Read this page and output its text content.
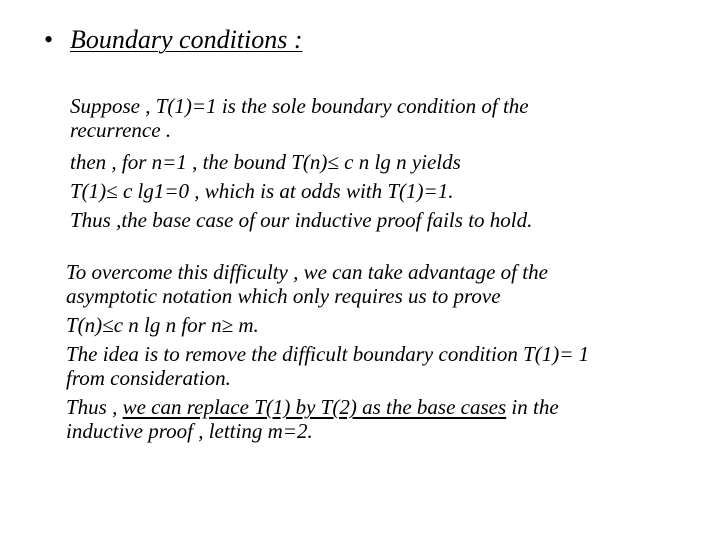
• Boundary conditions :
Suppose , T(1)=1 is the sole boundary condition of the
recurrence .
then , for n=1 , the bound T(n)≤ c n lg n yields
T(1)≤ c lg1=0 , which is at odds with T(1)=1.
Thus ,the base case of our inductive proof fails to hold.
To overcome this difficulty , we can take advantage of the
asymptotic notation which only requires us to prove
T(n)≤c n lg n for n≥ m.
The idea is to remove the difficult boundary condition T(1)= 1
from consideration.
Thus , we can replace T(1) by T(2) as the base cases in the
inductive proof , letting m=2.
